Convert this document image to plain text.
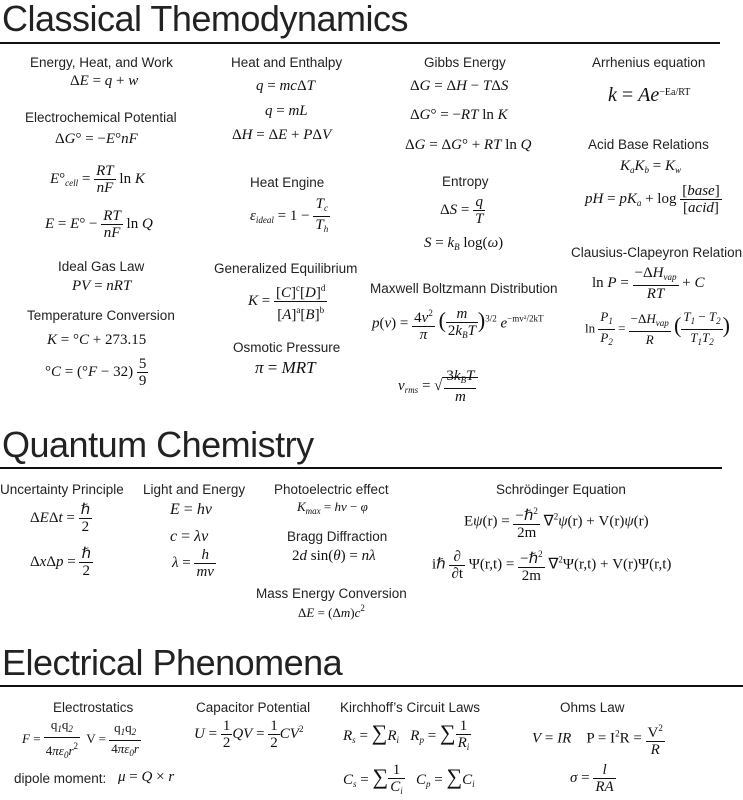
Classical Themodynamics
Energy, Heat, and Work
ΔE = q + w
Electrochemical Potential
ΔG° = −E°nF
$E^\circ_{cell} = \frac{RT}{nF}$ ln K
$E = E^\circ - \frac{RT}{nF}$ ln Q
Ideal Gas Law
PV = nRT
Temperature Conversion
K = °C + 273.15
$^\circ C = (^\circ F - 32) \frac{5}{9}$
Heat and Enthalpy
q = mcΔT
q = mL
ΔH = ΔE + PΔV
Heat Engine
$\varepsilon_{ideal} = 1 - \frac{T_c}{T_h}$
Generalized Equilibrium
$K = \frac{[C]^c[D]^d}{[A]^a[B]^b}$
Osmotic Pressure
π = MRT
Gibbs Energy
ΔG = ΔH − TΔS
ΔG° = −RT ln K
ΔG = ΔG° + RT ln Q
Entropy
$\Delta S = \frac{q}{T}$
$S = k_B$ log(ω)
Maxwell Boltzmann Distribution
$p(v) = \frac{4v^2}{\pi}$ ( $\frac{m}{2k_BT} )^{3/2}$ $e^{-mv^2/2kT}$
$v_{rms}$ = √ $\frac{3k_BT}{m}$
Arrhenius equation
$k = Ae^{-Ea/RT}$
Acid Base Relations
$K_aK_b = K_w$
pH = $pK_a + \log \frac{\text{[base]}}{\text{[acid]}}$
Clausius-Clapeyron Relation
$\ln P = \frac{-\Delta H_{vap}}{RT} + C$
$\ln \frac{P_1}{P_2} = \frac{-\Delta H_{vap}}{R}$ ( $\frac{T_1 - T_2}{T_1T_2}$ )
Quantum Chemistry
Uncertainty Principle
$\Delta E\Delta t = \frac{\text{ℏ}}{2}$
$\Delta x\Delta p = \frac{\text{ℏ}}{2}$
Light and Energy
E = hν
c = λν
$\lambda = \frac{h}{mv}$
Photoelectric effect
$K_{max} = h\nu - \varphi$
Bragg Diffraction
2d sin(θ) = nλ
Mass Energy Conversion
$\Delta E = (\Delta m)c^2$
Schrödinger Equation
$E\psi(r) = \frac{-\hbar^2}{2m} \nabla^2\psi(r) + V(r)\psi(r)$
iℏ $\frac{\partial}{\partial t} \Psi(r,t) = \frac{-\hbar^2}{2m} \nabla^2\Psi(r,t) + V(r)\Psi(r,t)$
Electrical Phenomena
Electrostatics
$F = \frac{q_1q_2}{4\pi\varepsilon_0r^2}$ $V = \frac{q_1q_2}{4\pi\varepsilon_0r}$
dipole moment: μ = Q × r
Capacitor Potential
$U = \frac{1}{2}$ QV = $\frac{1}{2} CV^2$
Kirchhoff’s Circuit Laws
$R_s = \sum R_i$ $R_p$ = ∑ $\frac{1}{R_i}$
$C_s$ = ∑ $\frac{1}{C_i} C_p = \sum C_i$
Ohms Law
V = IR    $P = I^2R = \frac{V^2}{R}$
$\sigma = \frac{l}{RA}$
